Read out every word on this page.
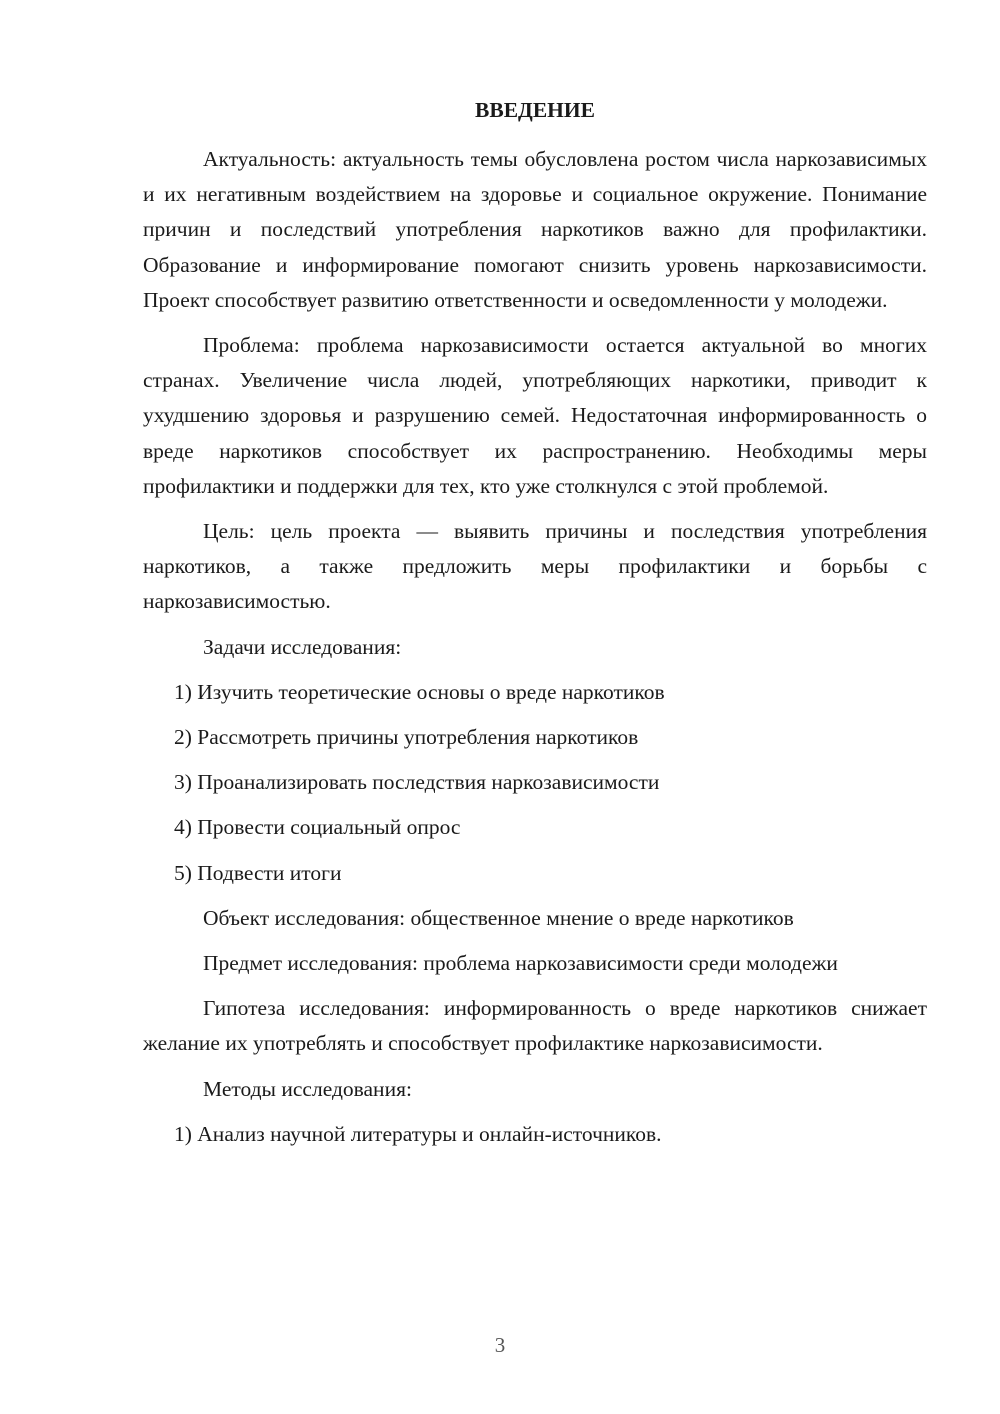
ВВЕДЕНИЕ

Актуальность: актуальность темы обусловлена ростом числа наркозависимых и их негативным воздействием на здоровье и социальное окружение. Понимание причин и последствий употребления наркотиков важно для профилактики. Образование и информирование помогают снизить уровень наркозависимости. Проект способствует развитию ответственности и осведомленности у молодежи.

Проблема: проблема наркозависимости остается актуальной во многих странах. Увеличение числа людей, употребляющих наркотики, приводит к ухудшению здоровья и разрушению семей. Недостаточная информированность о вреде наркотиков способствует их распространению. Необходимы меры профилактики и поддержки для тех, кто уже столкнулся с этой проблемой.

Цель: цель проекта — выявить причины и последствия употребления наркотиков, а также предложить меры профилактики и борьбы с наркозависимостью.

Задачи исследования:

1) Изучить теоретические основы о вреде наркотиков
2) Рассмотреть причины употребления наркотиков
3) Проанализировать последствия наркозависимости
4) Провести социальный опрос
5) Подвести итоги

Объект исследования: общественное мнение о вреде наркотиков

Предмет исследования: проблема наркозависимости среди молодежи

Гипотеза исследования: информированность о вреде наркотиков снижает желание их употреблять и способствует профилактике наркозависимости.

Методы исследования:

1) Анализ научной литературы и онлайн-источников.
3
